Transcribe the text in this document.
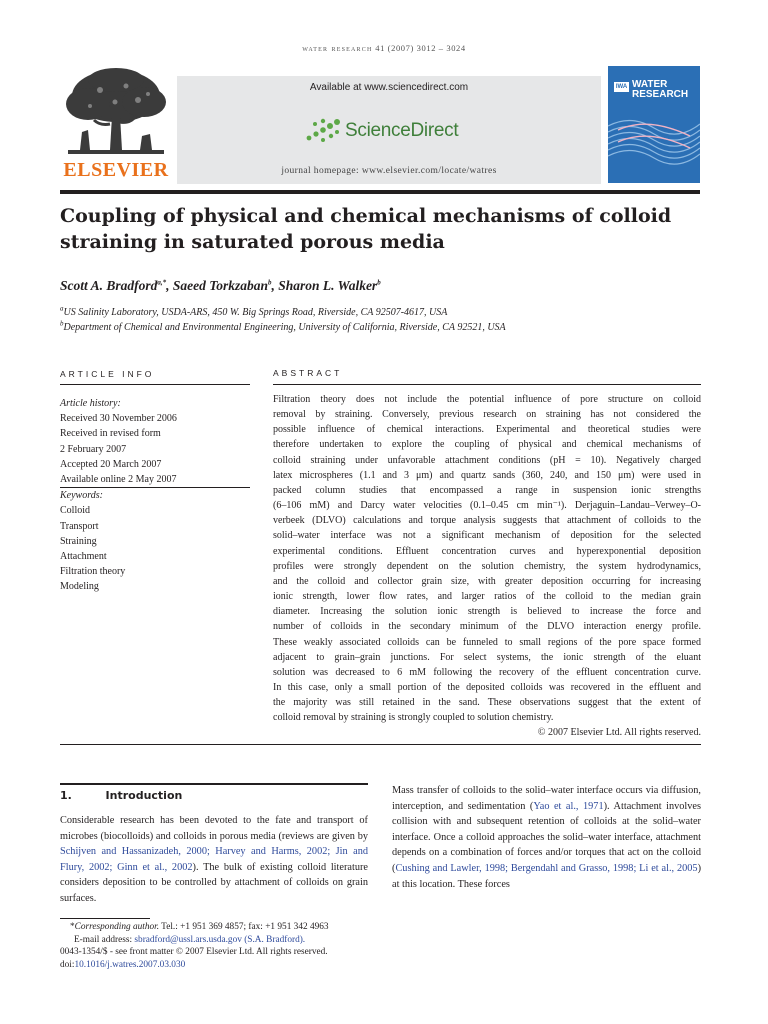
water research 41 (2007) 3012 – 3024
ELSEVIER
Available at www.sciencedirect.com
ScienceDirect
journal homepage: www.elsevier.com/locate/watres
IWA WATER
RESEARCH
Coupling of physical and chemical mechanisms of colloid
straining in saturated porous media
Scott A. Bradford$^{a,*}$, Saeed Torkzaban$^b$, Sharon L. Walker$^b$
$^a$US Salinity Laboratory, USDA-ARS, 450 W. Big Springs Road, Riverside, CA 92507-4617, USA
$^b$Department of Chemical and Environmental Engineering, University of California, Riverside, CA 92521, USA
ARTICLE INFO	ABSTRACT
Article history:
Received 30 November 2006
Received in revised form
2 February 2007
Accepted 20 March 2007
Available online 2 May 2007
Keywords:
Colloid
Transport
Straining
Attachment
Filtration theory
Modeling
Filtration theory does not include the potential influence of pore structure on colloid
removal by straining. Conversely, previous research on straining has not considered the
possible influence of chemical interactions. Experimental and theoretical studies were
therefore undertaken to explore the coupling of physical and chemical mechanisms of
colloid straining under unfavorable attachment conditions (pH = 10). Negatively charged
latex microspheres (1.1 and 3 μm) and quartz sands (360, 240, and 150 μm) were used in
packed column studies that encompassed a range in suspension ionic strengths
(6–106 mM) and Darcy water velocities (0.1–0.45 cm min⁻¹). Derjaguin–Landau–Verwey–O-
verbeek (DLVO) calculations and torque analysis suggests that attachment of colloids to the
solid–water interface was not a significant mechanism of deposition for the selected
experimental conditions. Effluent concentration curves and hyperexponential deposition
profiles were strongly dependent on the solution chemistry, the system hydrodynamics,
and the colloid and collector grain size, with greater deposition occurring for increasing
ionic strength, lower flow rates, and larger ratios of the colloid to the median grain
diameter. Increasing the solution ionic strength is believed to increase the force and
number of colloids in the secondary minimum of the DLVO interaction energy profile.
These weakly associated colloids can be funneled to small regions of the pore space formed
adjacent to grain–grain junctions. For select systems, the ionic strength of the eluant
solution was decreased to 6 mM following the recovery of the effluent concentration curve.
In this case, only a small portion of the deposited colloids was recovered in the effluent and
the majority was still retained in the sand. These observations suggest that the extent of
colloid removal by straining is strongly coupled to solution chemistry.
© 2007 Elsevier Ltd. All rights reserved.
1.	Introduction
Considerable research has been devoted to the fate and transport of microbes (biocolloids) and colloids in porous media (reviews are given by Schijven and Hassanizadeh, 2000; Harvey and Harms, 2002; Jin and Flury, 2002; Ginn et al., 2002). The bulk of existing colloid literature considers deposition to be controlled by attachment of colloids on grain surfaces.
Mass transfer of colloids to the solid–water interface occurs via diffusion, interception, and sedimentation (Yao et al., 1971). Attachment involves collision with and subsequent retention of colloids at the solid–water interface. Once a colloid approaches the solid–water interface, attachment depends on a combination of forces and/or torques that act on the colloid (Cushing and Lawler, 1998; Bergendahl and Grasso, 1998; Li et al., 2005) at this location. These forces
*Corresponding author. Tel.: +1 951 369 4857; fax: +1 951 342 4963
E-mail address: sbradford@ussl.ars.usda.gov (S.A. Bradford).
0043-1354/$ - see front matter © 2007 Elsevier Ltd. All rights reserved.
doi:10.1016/j.watres.2007.03.030
